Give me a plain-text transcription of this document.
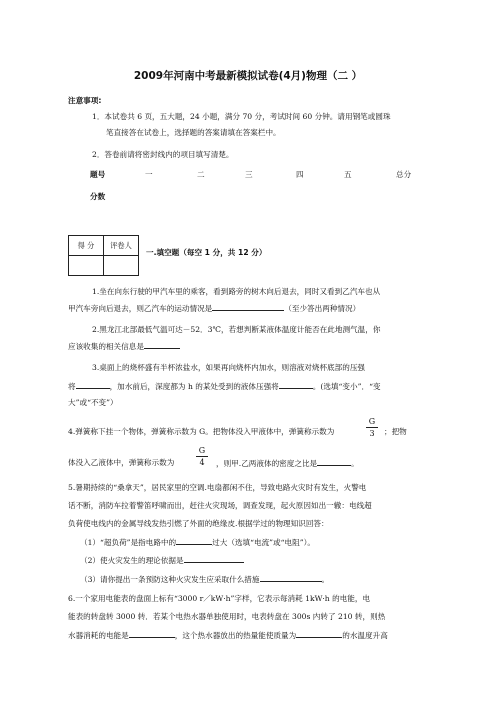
2009年河南中考最新模拟试卷(4月)物理（二 ）
注意事项:
1．本试卷共 6 页，五大题，24 小题，满分 70 分，考试时间 60 分钟。请用钢笔或圆珠
笔直接答在试卷上，选择题的答案请填在答案栏中。
2．答卷前请将密封线内的项目填写清楚。
题号	一	二	三	四	五	总分
分数
得 分	评卷人

一.填空题（每空 1 分，共 12 分）
1.坐在向东行驶的甲汽车里的乘客，看到路旁的树木向后退去，同时又看到乙汽车也从
甲汽车旁向后退去，则乙汽车的运动情况是	（至少答出两种情况）
2.黑龙江北部最低气温可达－52．3℃，若想判断某液体温度计能否在此地测气温，你
应该收集的相关信息是
3.桌面上的烧杯盛有半杯浓盐水，如果再向烧杯内加水，则溶液对烧杯底部的压强
将	，加水前后，深度都为 h 的某处受到的液体压强将	。(选填“变小”．“变
大”或“不变”）
4.弹簧称下挂一个物体，弹簧称示数为 G。把物体没入甲液体中，弹簧称示数为
G
3	；把物
体没入乙液体中，弹簧称示数为
G
4	，则甲.乙两液体的密度之比是	。
5.暑期持续的“桑拿天”，居民家里的空调.电扇都闲不住，导致电路火灾时有发生，火警电
话不断，消防车拉着警笛呼啸而出，赶往火灾现场，调查发现，起火原因如出一辙：电线超
负荷使电线内的金属导线发热引燃了外面的绝缘皮.根据学过的物理知识回答：
（1）“超负荷”是指电路中的	过大（选填“电流”或“电阻”）。
（2）使火灾发生的理论依据是
（3）请你提出一条预防这种火灾发生应采取什么措施	。
6.一个家用电能表的盘面上标有“3000 r／kW·h”字样，它表示每消耗 1kW·h 的电能，电
能表的转盘转 3000 转．若某个电热水器单独使用时，电表转盘在 300s 内转了 210 转，则热
水器消耗的电能是	，这个热水器放出的热量能使质量为	的水温度升高
